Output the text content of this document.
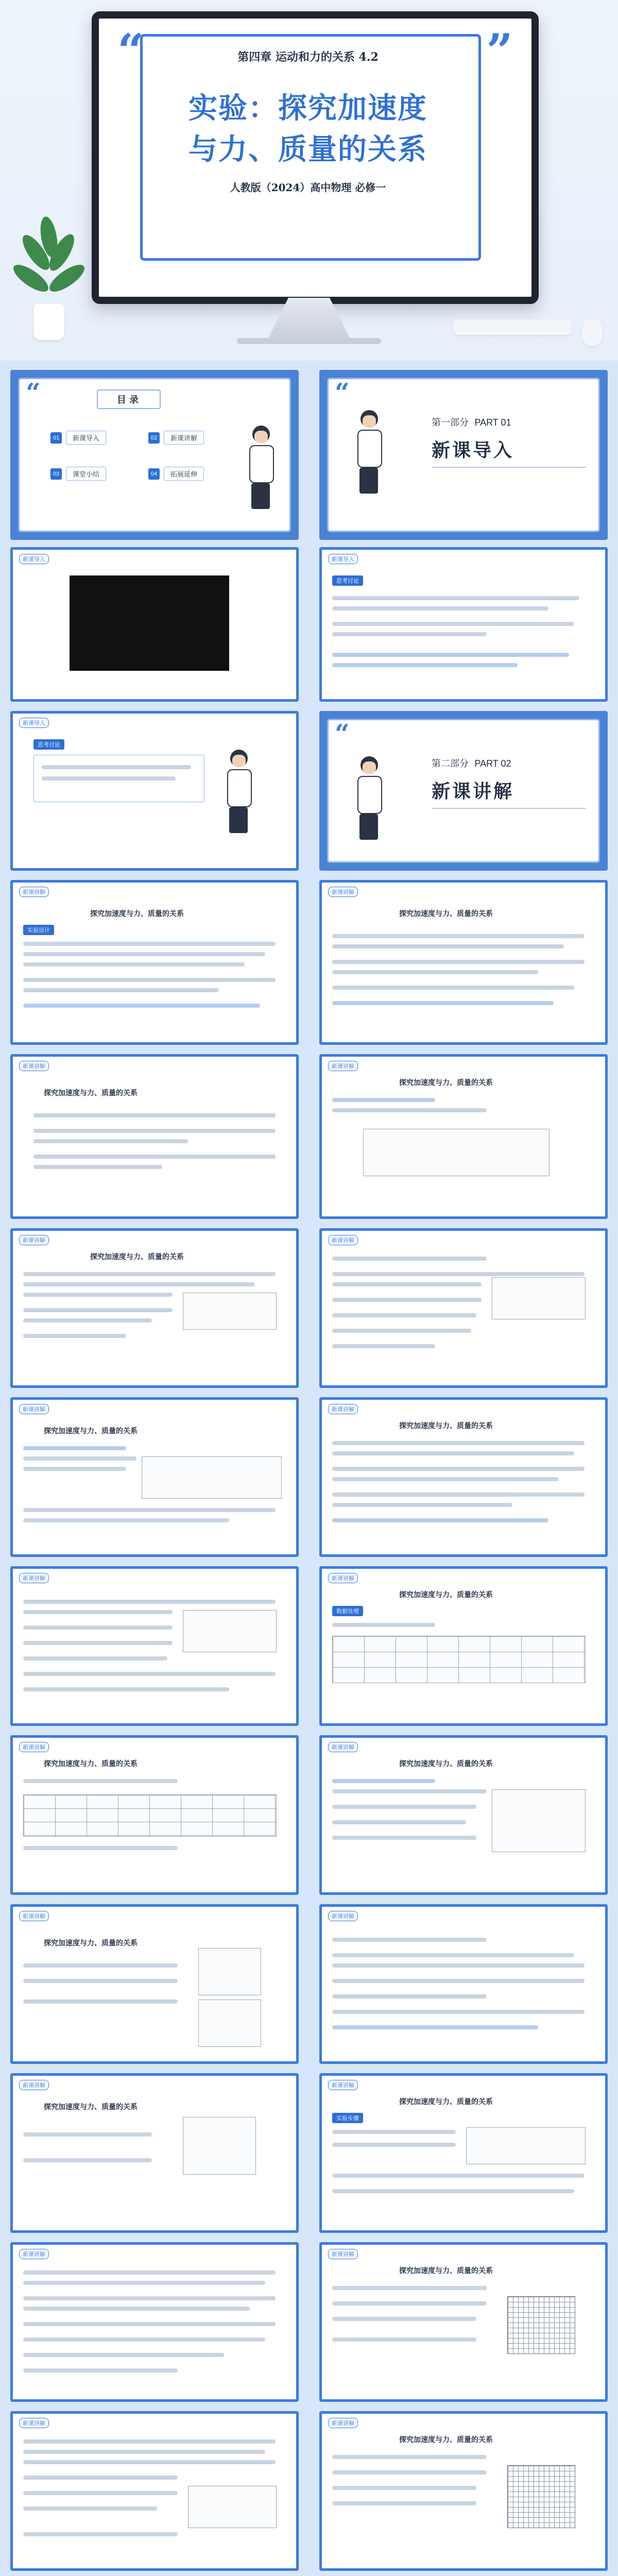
“	”
第四章 运动和力的关系 4.2
实验：探究加速度
与力、质量的关系
人教版（2024）高中物理 必修一
“	目 录
01	新课导入	02	新课讲解
03	课堂小结	04	拓展延伸
“
第一部分 PART 01
新课导入
新课导入	新课导入
思考讨论
新课导入
思考讨论	“
第二部分 PART 02
新课讲解
新课讲解
探究加速度与力、质量的关系
实验设计
新课讲解
探究加速度与力、质量的关系
新课讲解
探究加速度与力、质量的关系
新课讲解
探究加速度与力、质量的关系
新课讲解
探究加速度与力、质量的关系
新课讲解
新课讲解
探究加速度与力、质量的关系
新课讲解
探究加速度与力、质量的关系
新课讲解	新课讲解
探究加速度与力、质量的关系
数据处理
新课讲解
探究加速度与力、质量的关系
新课讲解
探究加速度与力、质量的关系
新课讲解
探究加速度与力、质量的关系
新课讲解
新课讲解
探究加速度与力、质量的关系
新课讲解
探究加速度与力、质量的关系
实验步骤
新课讲解	新课讲解
探究加速度与力、质量的关系
新课讲解	新课讲解
探究加速度与力、质量的关系
